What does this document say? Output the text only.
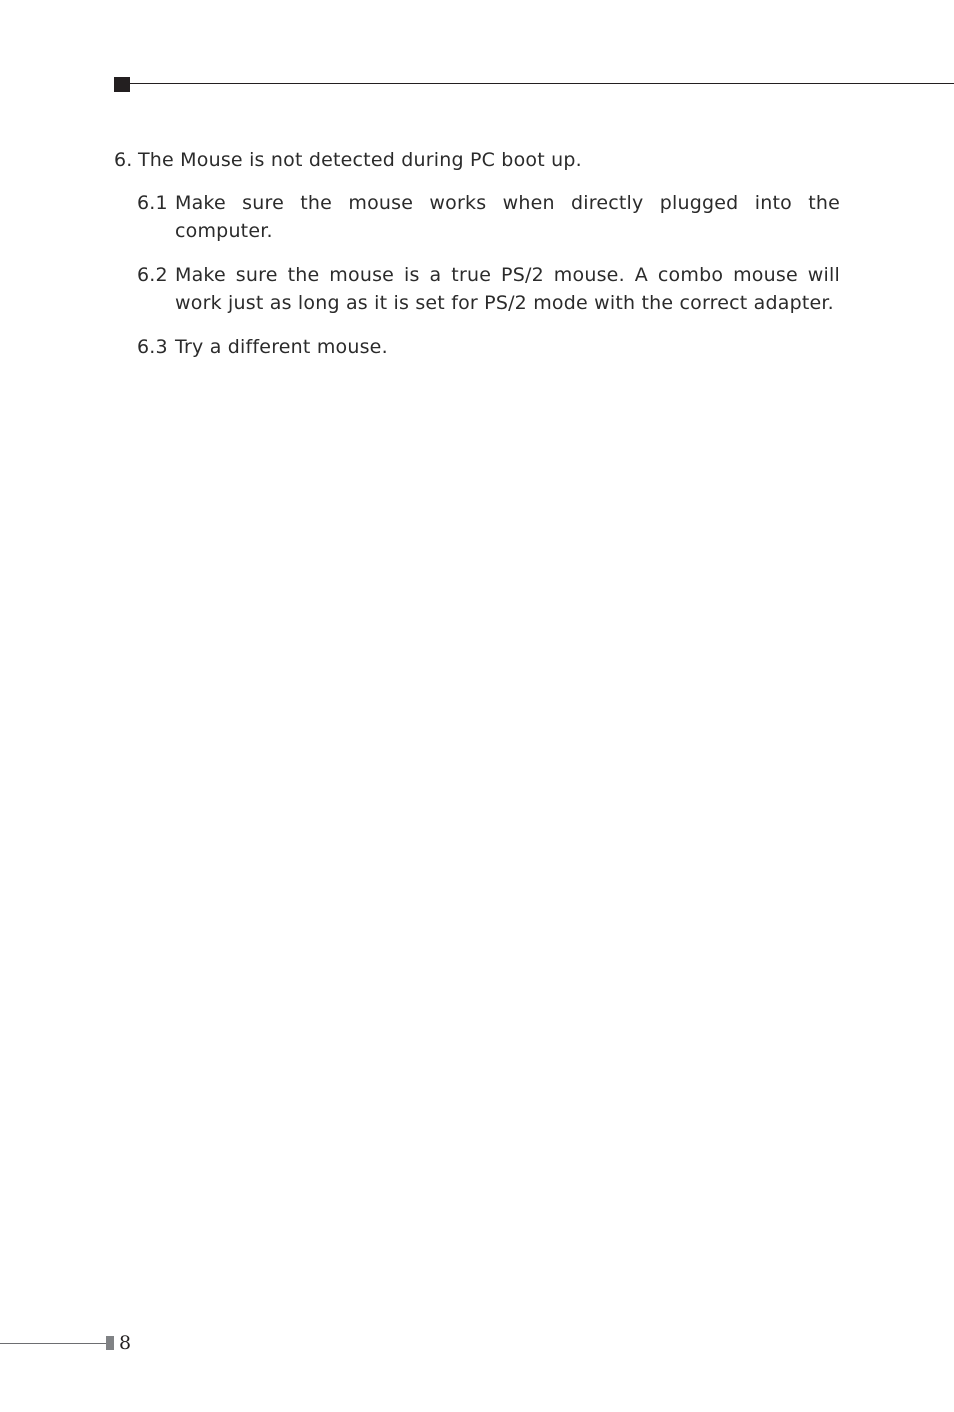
6. The Mouse is not detected during PC boot up.
6.1 Make sure the mouse works when directly plugged into the computer.
6.2 Make sure the mouse is a true PS/2 mouse. A combo mouse will work just as long as it is set for PS/2 mode with the correct adapter.
6.3 Try a different mouse.
8
